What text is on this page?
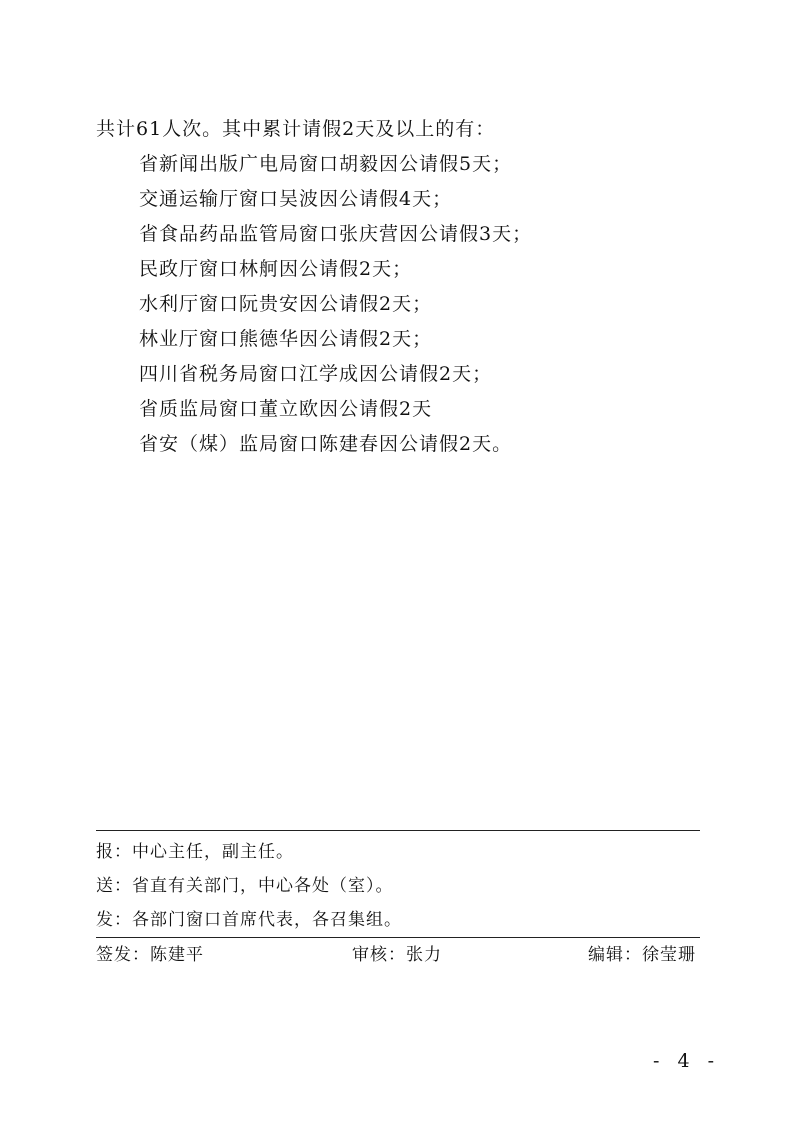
共计61人次。其中累计请假2天及以上的有：
省新闻出版广电局窗口胡毅因公请假5天；
交通运输厅窗口吴波因公请假4天；
省食品药品监管局窗口张庆营因公请假3天；
民政厅窗口林舸因公请假2天；
水利厅窗口阮贵安因公请假2天；
林业厅窗口熊德华因公请假2天；
四川省税务局窗口江学成因公请假2天；
省质监局窗口董立欧因公请假2天
省安（煤）监局窗口陈建春因公请假2天。
报：中心主任，副主任。
送：省直有关部门，中心各处（室）。
发：各部门窗口首席代表，各召集组。
签发：陈建平	审核：张力	编辑：徐莹珊
- 4 -
